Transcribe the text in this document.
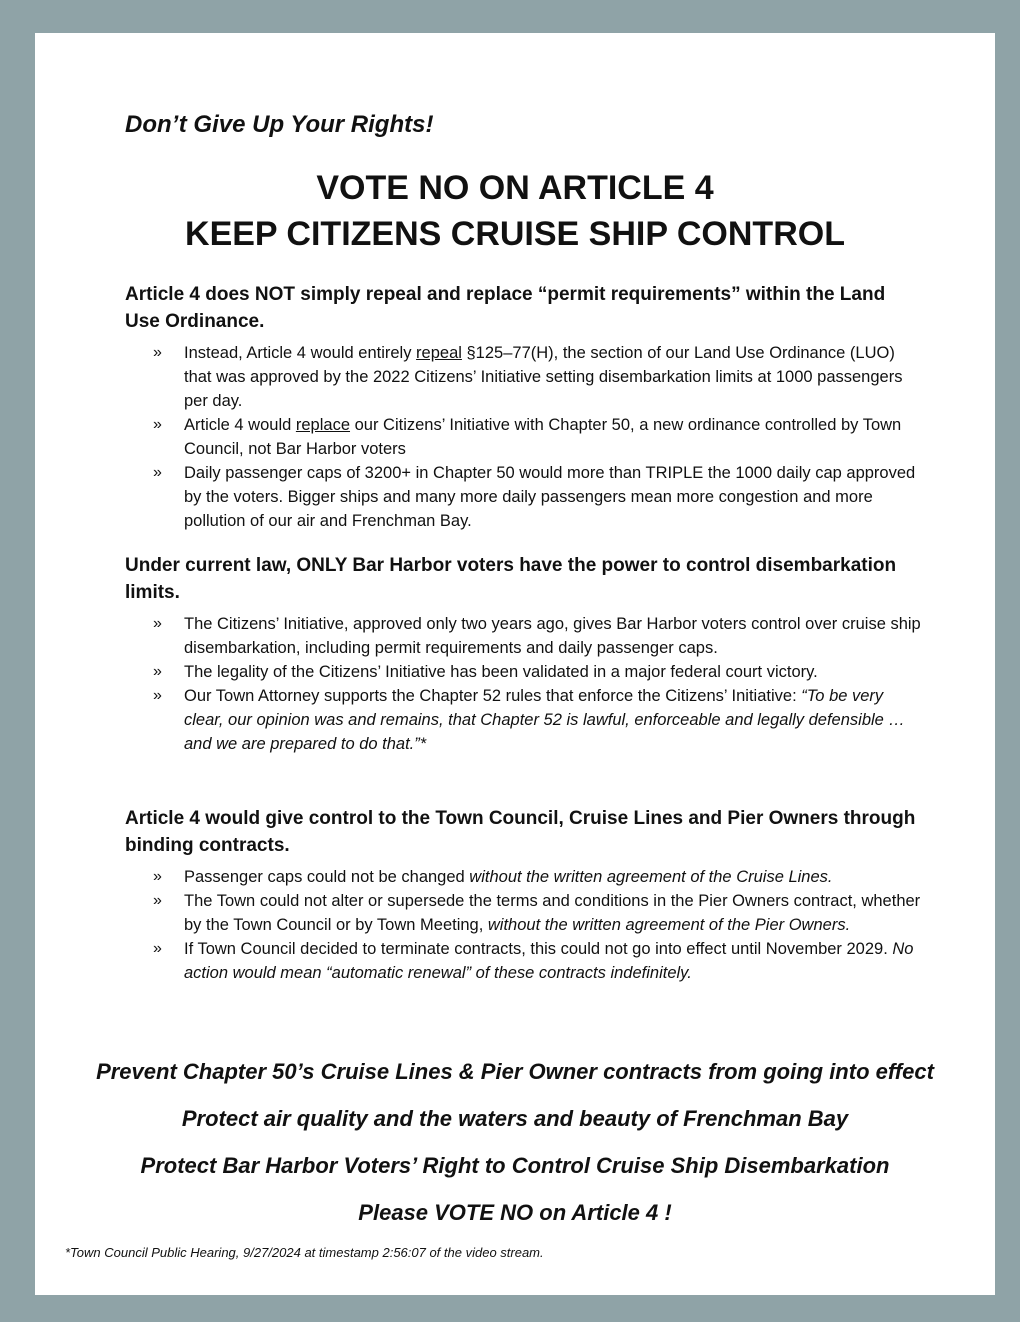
Don’t Give Up Your Rights!
VOTE NO ON ARTICLE 4
KEEP CITIZENS CRUISE SHIP CONTROL

Article 4 does NOT simply repeal and replace “permit requirements” within the Land Use Ordinance.

» Instead, Article 4 would entirely repeal §125–77(H), the section of our Land Use Ordinance (LUO) that was approved by the 2022 Citizens’ Initiative setting disembarkation limits at 1000 passengers per day.
» Article 4 would replace our Citizens’ Initiative with Chapter 50, a new ordinance controlled by Town Council, not Bar Harbor voters
» Daily passenger caps of 3200+ in Chapter 50 would more than TRIPLE the 1000 daily cap approved by the voters. Bigger ships and many more daily passengers mean more congestion and more pollution of our air and Frenchman Bay.

Under current law, ONLY Bar Harbor voters have the power to control disembarkation limits.

» The Citizens’ Initiative, approved only two years ago, gives Bar Harbor voters control over cruise ship disembarkation, including permit requirements and daily passenger caps.
» The legality of the Citizens’ Initiative has been validated in a major federal court victory.
» Our Town Attorney supports the Chapter 52 rules that enforce the Citizens’ Initiative: “To be very clear, our opinion was and remains, that Chapter 52 is lawful, enforceable and legally defensible … and we are prepared to do that.”*

Article 4 would give control to the Town Council, Cruise Lines and Pier Owners through binding contracts.

» Passenger caps could not be changed without the written agreement of the Cruise Lines.
» The Town could not alter or supersede the terms and conditions in the Pier Owners contract, whether by the Town Council or by Town Meeting, without the written agreement of the Pier Owners.
» If Town Council decided to terminate contracts, this could not go into effect until November 2029. No action would mean “automatic renewal” of these contracts indefinitely.
Prevent Chapter 50’s Cruise Lines & Pier Owner contracts from going into effect
Protect air quality and the waters and beauty of Frenchman Bay
Protect Bar Harbor Voters’ Right to Control Cruise Ship Disembarkation
Please VOTE NO on Article 4 !
*Town Council Public Hearing, 9/27/2024 at timestamp 2:56:07 of the video stream.
